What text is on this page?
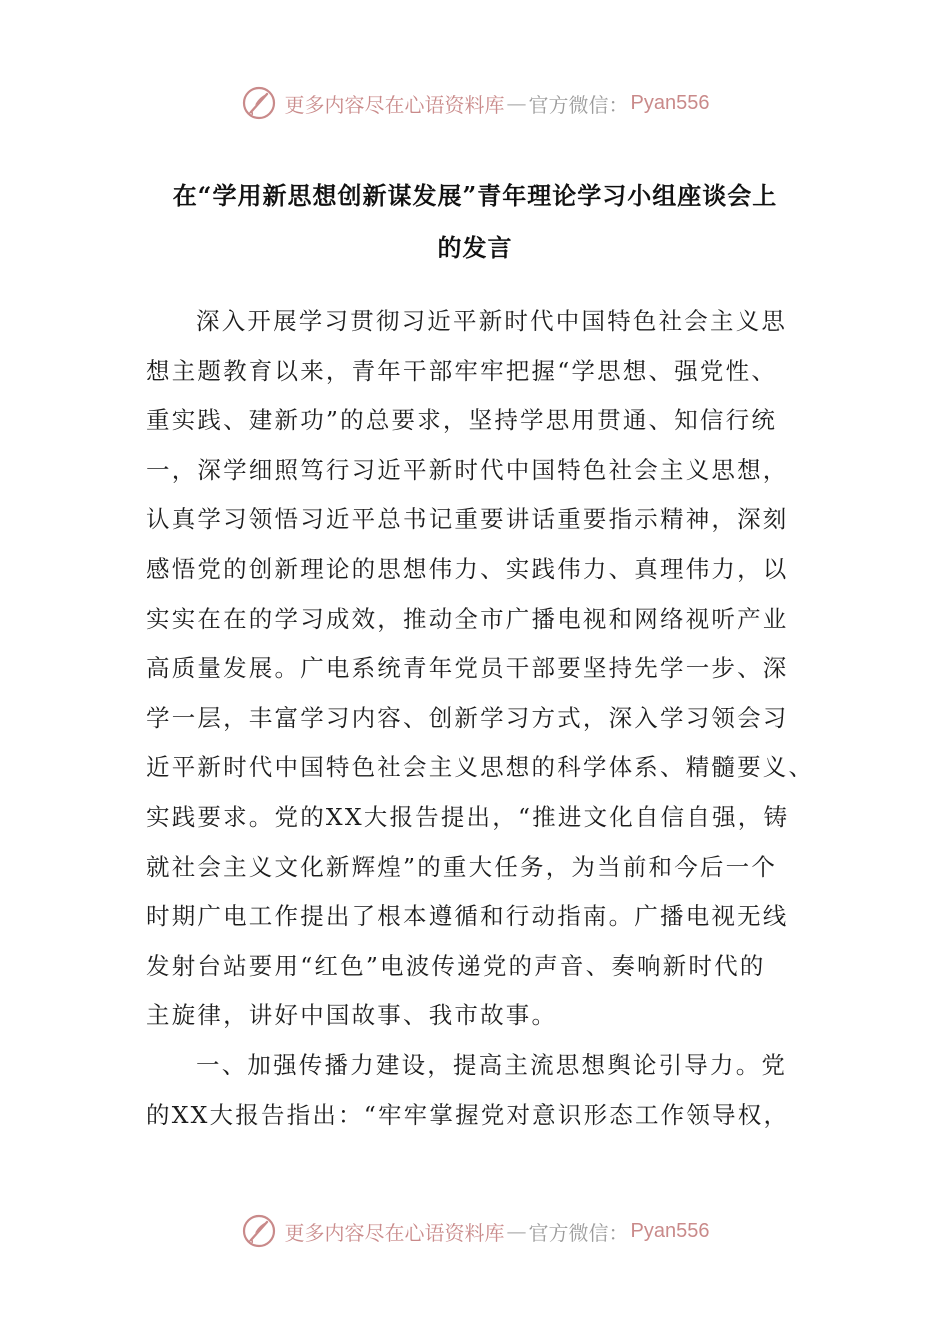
更多内容尽在心语资料库 — 官方微信： Pyan556
在“学用新思想创新谋发展”青年理论学习小组座谈会上
的发言
深入开展学习贯彻习近平新时代中国特色社会主义思
想主题教育以来，青年干部牢牢把握“学思想、强党性、
重实践、建新功”的总要求，坚持学思用贯通、知信行统
一，深学细照笃行习近平新时代中国特色社会主义思想，
认真学习领悟习近平总书记重要讲话重要指示精神，深刻
感悟党的创新理论的思想伟力、实践伟力、真理伟力，以
实实在在的学习成效，推动全市广播电视和网络视听产业
高质量发展。广电系统青年党员干部要坚持先学一步、深
学一层，丰富学习内容、创新学习方式，深入学习领会习
近平新时代中国特色社会主义思想的科学体系、精髓要义、
实践要求。党的XX大报告提出，“推进文化自信自强，铸
就社会主义文化新辉煌”的重大任务，为当前和今后一个
时期广电工作提出了根本遵循和行动指南。广播电视无线
发射台站要用“红色”电波传递党的声音、奏响新时代的
主旋律，讲好中国故事、我市故事。
一、加强传播力建设，提高主流思想舆论引导力。党
的XX大报告指出：“牢牢掌握党对意识形态工作领导权，
更多内容尽在心语资料库 — 官方微信： Pyan556
